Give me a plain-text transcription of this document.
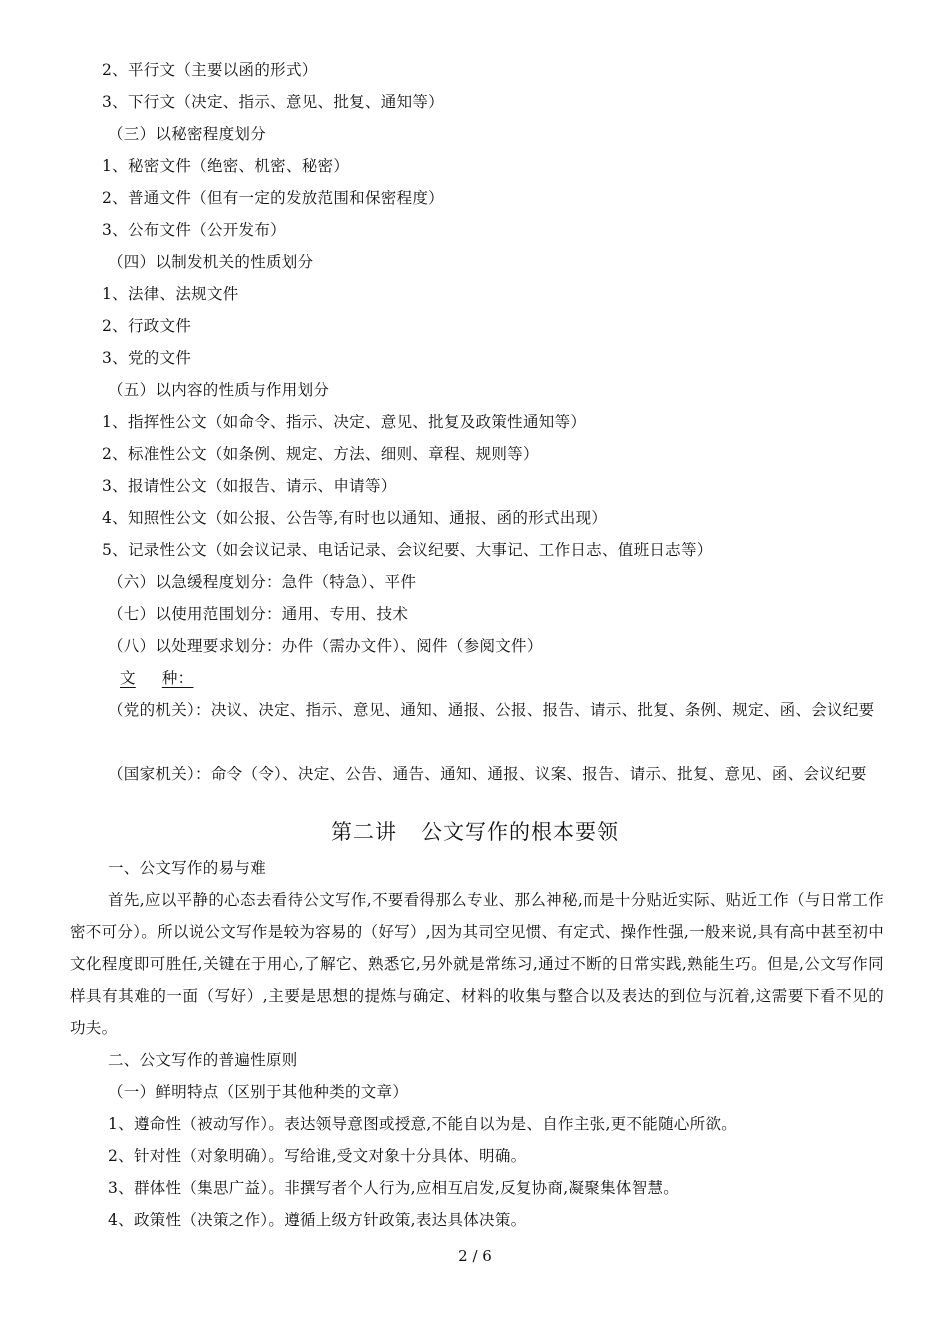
2、平行文（主要以函的形式）
3、下行文（决定、指示、意见、批复、通知等）
（三）以秘密程度划分
1、秘密文件（绝密、机密、秘密）
2、普通文件（但有一定的发放范围和保密程度）
3、公布文件（公开发布）
（四）以制发机关的性质划分
1、法律、法规文件
2、行政文件
3、党的文件
（五）以内容的性质与作用划分
1、指挥性公文（如命令、指示、决定、意见、批复及政策性通知等）
2、标准性公文（如条例、规定、方法、细则、章程、规则等）
3、报请性公文（如报告、请示、申请等）
4、知照性公文（如公报、公告等,有时也以通知、通报、函的形式出现）
5、记录性公文（如会议记录、电话记录、会议纪要、大事记、工作日志、值班日志等）
（六）以急缓程度划分：急件（特急）、平件
（七）以使用范围划分：通用、专用、技术
（八）以处理要求划分：办件（需办文件）、阅件（参阅文件）
文 种：
（党的机关）：决议、决定、指示、意见、通知、通报、公报、报告、请示、批复、条例、规定、函、会议纪要
（国家机关）：命令（令）、决定、公告、通告、通知、通报、议案、报告、请示、批复、意见、函、会议纪要
第二讲 公文写作的根本要领
一、公文写作的易与难
首先,应以平静的心态去看待公文写作,不要看得那么专业、那么神秘,而是十分贴近实际、贴近工作（与日常工作密不可分）。所以说公文写作是较为容易的（好写）,因为其司空见惯、有定式、操作性强,一般来说,具有高中甚至初中文化程度即可胜任,关键在于用心,了解它、熟悉它,另外就是常练习,通过不断的日常实践,熟能生巧。但是,公文写作同样具有其难的一面（写好）,主要是思想的提炼与确定、材料的收集与整合以及表达的到位与沉着,这需要下看不见的功夫。
二、公文写作的普遍性原则
（一）鲜明特点（区别于其他种类的文章）
1、遵命性（被动写作）。表达领导意图或授意,不能自以为是、自作主张,更不能随心所欲。
2、针对性（对象明确）。写给谁,受文对象十分具体、明确。
3、群体性（集思广益）。非撰写者个人行为,应相互启发,反复协商,凝聚集体智慧。
4、政策性（决策之作）。遵循上级方针政策,表达具体决策。
2 / 6
